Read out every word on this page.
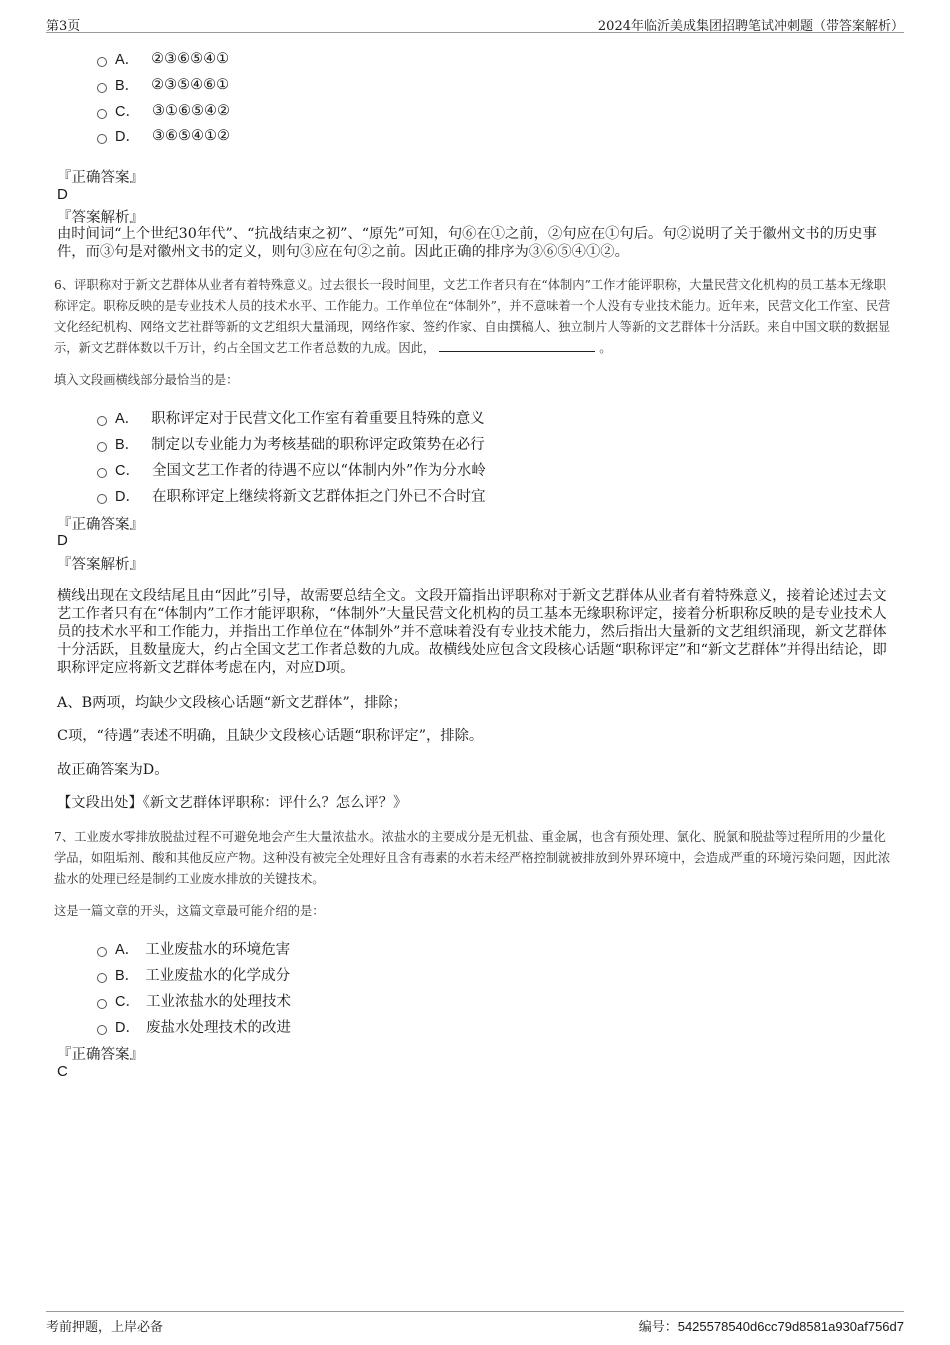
第3页	2024年临沂美成集团招聘笔试冲刺题（带答案解析）
A． ②③⑥⑤④①
B． ②③⑤④⑥①
C． ③①⑥⑤④②
D． ③⑥⑤④①②
『正确答案』
D
『答案解析』
由时间词“上个世纪30年代”、“抗战结束之初”、“原先”可知，句⑥在①之前，②句应在①句后。句②说明了关于徽州文书的历史事件，而③句是对徽州文书的定义，则句③应在句②之前。因此正确的排序为③⑥⑤④①②。
6、评职称对于新文艺群体从业者有着特殊意义。过去很长一段时间里，文艺工作者只有在“体制内”工作才能评职称，大量民营文化机构的员工基本无缘职称评定。职称反映的是专业技术人员的技术水平、工作能力。工作单位在“体制外”，并不意味着一个人没有专业技术能力。近年来，民营文化工作室、民营文化经纪机构、网络文艺社群等新的文艺组织大量涌现，网络作家、签约作家、自由撰稿人、独立制片人等新的文艺群体十分活跃。来自中国文联的数据显示，新文艺群体数以千万计，约占全国文艺工作者总数的九成。因此，	。
填入文段画横线部分最恰当的是：
A． 职称评定对于民营文化工作室有着重要且特殊的意义
B． 制定以专业能力为考核基础的职称评定政策势在必行
C． 全国文艺工作者的待遇不应以“体制内外”作为分水岭
D． 在职称评定上继续将新文艺群体拒之门外已不合时宜
『正确答案』
D
『答案解析』
横线出现在文段结尾且由“因此”引导，故需要总结全文。文段开篇指出评职称对于新文艺群体从业者有着特殊意义，接着论述过去文艺工作者只有在“体制内”工作才能评职称，“体制外”大量民营文化机构的员工基本无缘职称评定，接着分析职称反映的是专业技术人员的技术水平和工作能力，并指出工作单位在“体制外”并不意味着没有专业技术能力，然后指出大量新的文艺组织涌现，新文艺群体十分活跃，且数量庞大，约占全国文艺工作者总数的九成。故横线处应包含文段核心话题“职称评定”和“新文艺群体”并得出结论，即职称评定应将新文艺群体考虑在内，对应D项。
A、B两项，均缺少文段核心话题“新文艺群体”，排除；
C项，“待遇”表述不明确，且缺少文段核心话题“职称评定”，排除。
故正确答案为D。
【文段出处】《新文艺群体评职称：评什么？怎么评？》
7、工业废水零排放脱盐过程不可避免地会产生大量浓盐水。浓盐水的主要成分是无机盐、重金属，也含有预处理、氯化、脱氯和脱盐等过程所用的少量化学品，如阻垢剂、酸和其他反应产物。这种没有被完全处理好且含有毒素的水若未经严格控制就被排放到外界环境中，会造成严重的环境污染问题，因此浓盐水的处理已经是制约工业废水排放的关键技术。
这是一篇文章的开头，这篇文章最可能介绍的是：
A． 工业废盐水的环境危害
B． 工业废盐水的化学成分
C． 工业浓盐水的处理技术
D． 废盐水处理技术的改进
『正确答案』
C
考前押题，上岸必备	编号：5425578540d6cc79d8581a930af756d7
